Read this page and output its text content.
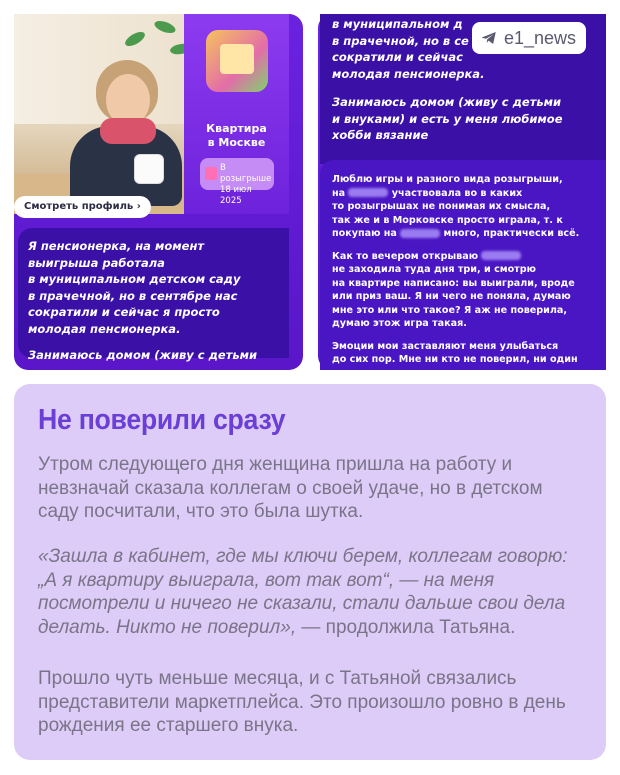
Смотреть профиль ›
Квартира
в Москве
В розыгрыше
18 июл 2025

Я пенсионерка, на момент

выигрыша работала

в муниципальном детском саду

в прачечной, но в сентябре нас

сократили и сейчас я просто

молодая пенсионерка.

Занимаюсь домом (живу с детьми

в муниципальном д
в прачечной, но в се
сократили и сейчас
молодая пенсионерка.
Занимаюсь домом (живу с детьми
и внуками) и есть у меня любимое
хобби вязание
Люблю игры и разного вида розыгрыши,
на	участвовала во в каких
то розыгрышах не понимая их смысла,
так же и в Морковске просто играла, т. к
покупаю на	много, практически всё.
Как то вечером открываю
не заходила туда дня три, и смотрю
на квартире написано: вы выиграли, вроде
или приз ваш. Я ни чего не поняла, думаю
мне это или что такое? Я аж не поверила,
думаю этож игра такая.
Эмоции мои заставляют меня улыбаться
до сих пор. Мне ни кто не поверил, ни один
e1_news
Не поверили сразу
Утром следующего дня женщина пришла на работу и невзначай сказала коллегам о своей удаче, но в детском саду посчитали, что это была шутка.
«Зашла в кабинет, где мы ключи берем, коллегам говорю: „А я квартиру выиграла, вот так вот“, — на меня посмотрели и ничего не сказали, стали дальше свои дела делать. Никто не поверил», — продолжила Татьяна.
Прошло чуть меньше месяца, и с Татьяной связались представители маркетплейса. Это произошло ровно в день рождения ее старшего внука.
